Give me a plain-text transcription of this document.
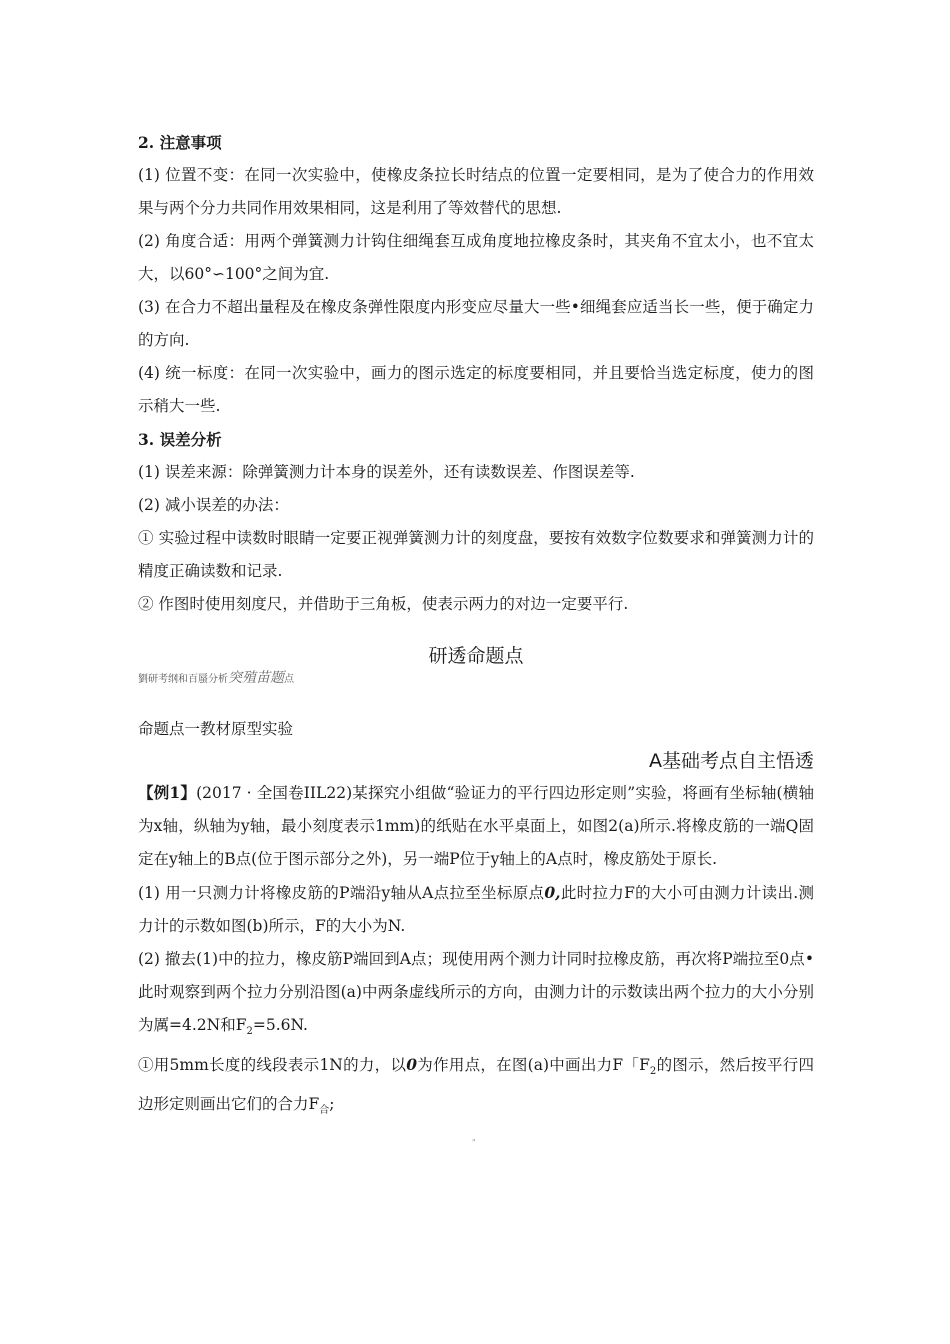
2. 注意事项

(1) 位置不变：在同一次实验中，使橡皮条拉长时结点的位置一定要相同，是为了使合力的作用效果与两个分力共同作用效果相同，这是利用了等效替代的思想.

(2) 角度合适：用两个弹簧测力计钩住细绳套互成角度地拉橡皮条时，其夹角不宜太小，也不宜太大，以60°∽100°之间为宜.

(3) 在合力不超出量程及在橡皮条弹性限度内形变应尽量大一些•细绳套应适当长一些，便于确定力的方向.

(4) 统一标度：在同一次实验中，画力的图示选定的标度要相同，并且要恰当选定标度，使力的图示稍大一些.

3. 误差分析

(1) 误差来源：除弹簧测力计本身的误差外，还有读数误差、作图误差等.

(2) 减小误差的办法：

① 实验过程中读数时眼睛一定要正视弹簧测力计的刻度盘，要按有效数字位数要求和弹簧测力计的精度正确读数和记录.

② 作图时使用刻度尺，并借助于三角板，使表示两力的对边一定要平行.

研透命题点
劉研考纲和百蜃分析突殖苗题点

命题点一教材原型实验

A基础考点自主悟透

【例1】(2017 · 全国卷IIL22)某探究小组做“验证力的平行四边形定则”实验，将画有坐标轴(横轴为x轴，纵轴为y轴，最小刻度表示1mm)的纸贴在水平桌面上，如图2(a)所示.将橡皮筋的一端Q固定在y轴上的B点(位于图示部分之外)，另一端P位于y轴上的A点时，橡皮筋处于原长.

(1) 用一只测力计将橡皮筋的P端沿y轴从A点拉至坐标原点0,此时拉力F的大小可由测力计读出.测力计的示数如图(b)所示，F的大小为N.

(2) 撤去(1)中的拉力，橡皮筋P端回到A点；现使用两个测力计同时拉橡皮筋，再次将P端拉至0点•此时观察到两个拉力分别沿图(a)中两条虚线所示的方向，由测力计的示数读出两个拉力的大小分别为厲=4.2N和$F_2=5.6N$.

①用5mm长度的线段表示1N的力，以0为作用点，在图(a)中画出力F「$F_2$的图示，然后按平行四边形定则画出它们的合力$F_合$;

"
